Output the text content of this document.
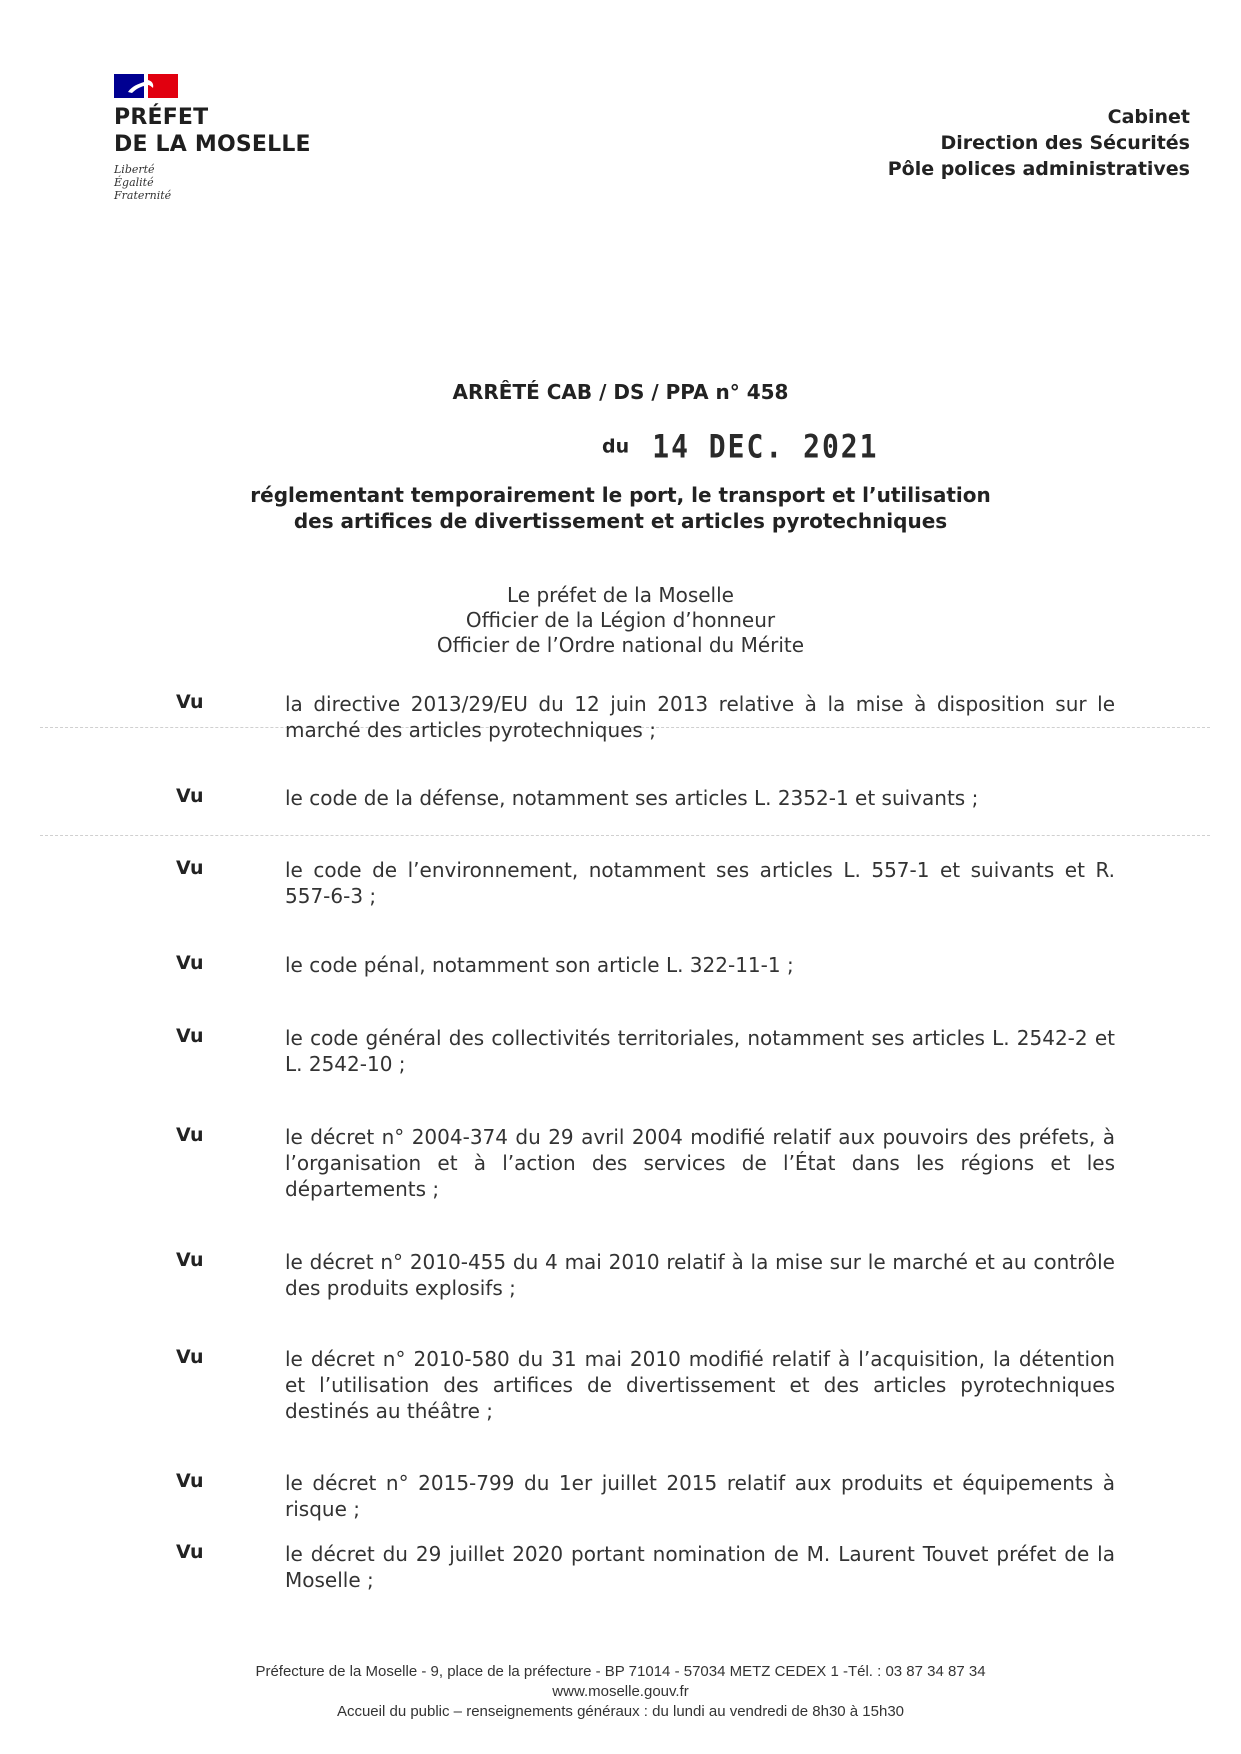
PRÉFET
DE LA MOSELLE
Liberté
Égalité
Fraternité
Cabinet
Direction des Sécurités
Pôle polices administratives
ARRÊTÉ CAB / DS / PPA n° 458
du 14 DEC. 2021
réglementant temporairement le port, le transport et l’utilisation
des artifices de divertissement et articles pyrotechniques
Le préfet de la Moselle
Officier de la Légion d’honneur
Officier de l’Ordre national du Mérite
Vu	la directive 2013/29/EU du 12 juin 2013 relative à la mise à disposition sur le marché des articles pyrotechniques ;
Vu	le code de la défense, notamment ses articles L. 2352-1 et suivants ;
Vu	le code de l’environnement, notamment ses articles L. 557-1 et suivants et R. 557-6-3 ;
Vu	le code pénal, notamment son article L. 322-11-1 ;
Vu	le code général des collectivités territoriales, notamment ses articles L. 2542-2 et L. 2542-10 ;
Vu	le décret n° 2004-374 du 29 avril 2004 modifié relatif aux pouvoirs des préfets, à l’organisation et à l’action des services de l’État dans les régions et les départements ;
Vu	le décret n° 2010-455 du 4 mai 2010 relatif à la mise sur le marché et au contrôle des produits explosifs ;
Vu	le décret n° 2010-580 du 31 mai 2010 modifié relatif à l’acquisition, la détention et l’utilisation des artifices de divertissement et des articles pyrotechniques destinés au théâtre ;
Vu	le décret n° 2015-799 du 1er juillet 2015 relatif aux produits et équipements à risque ;
Vu	le décret du 29 juillet 2020 portant nomination de M. Laurent Touvet préfet de la Moselle ;
Préfecture de la Moselle - 9, place de la préfecture - BP 71014 - 57034 METZ CEDEX 1 -Tél. : 03 87 34 87 34
www.moselle.gouv.fr
Accueil du public – renseignements généraux : du lundi au vendredi de 8h30 à 15h30
